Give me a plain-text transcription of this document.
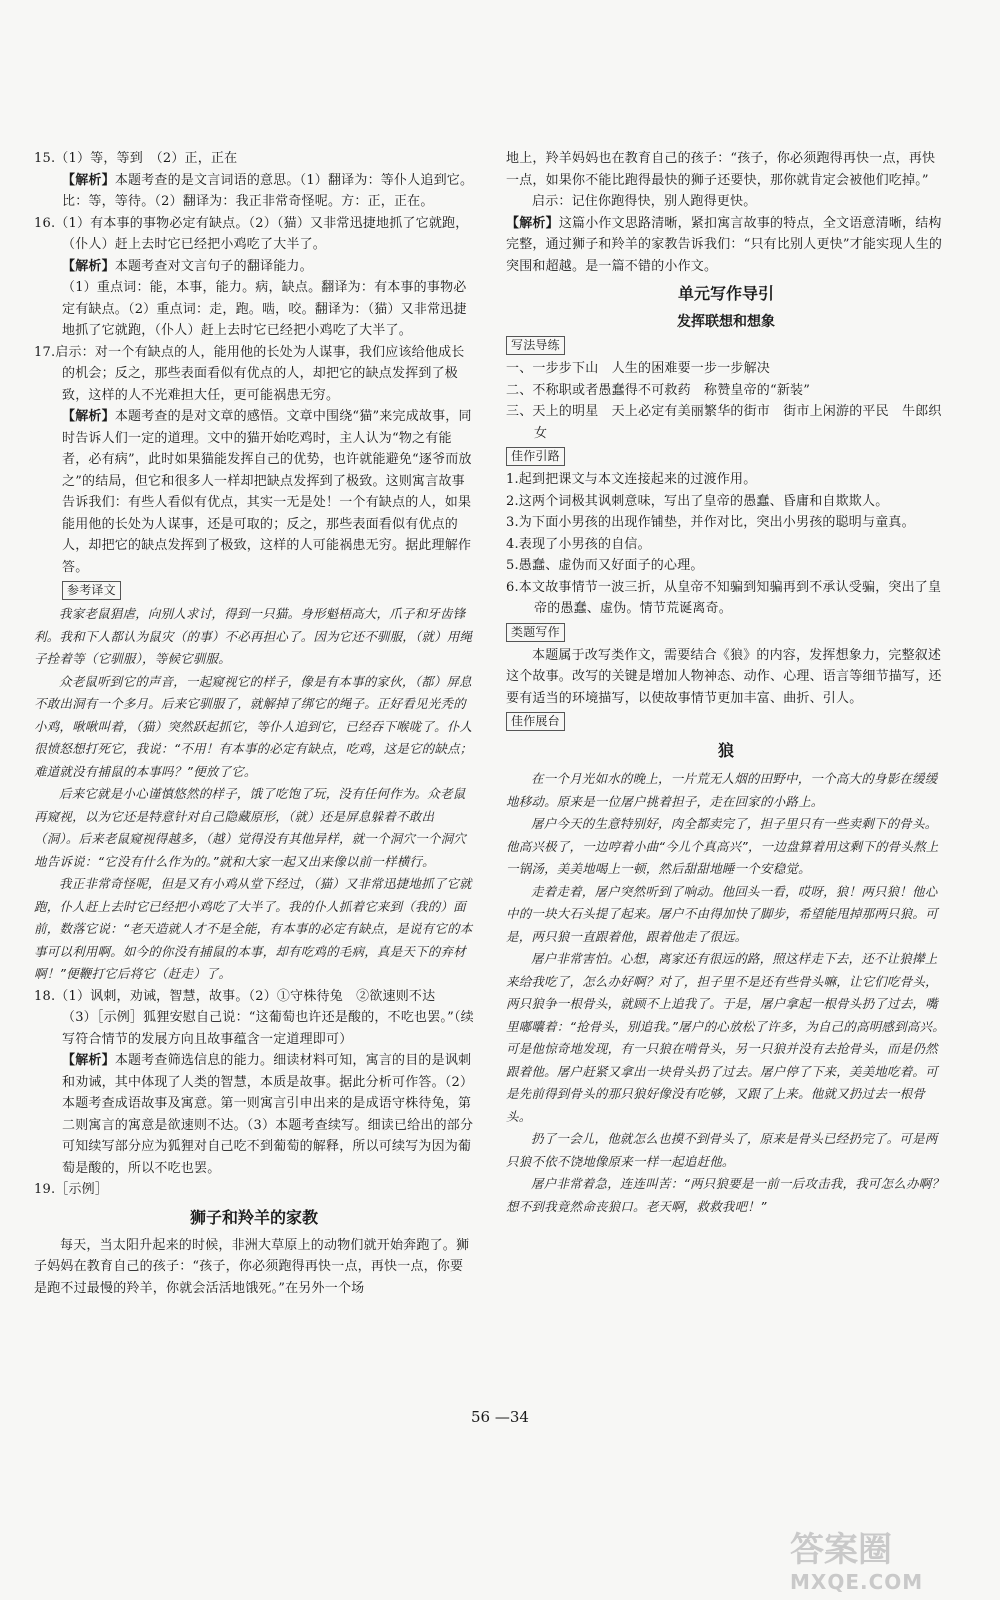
15.（1）等，等到　（2）正，正在

【解析】本题考查的是文言词语的意思。（1）翻译为：等仆人追到它。比：等，等待。（2）翻译为：我正非常奇怪呢。方：正，正在。

16.（1）有本事的事物必定有缺点。（2）（猫）又非常迅捷地抓了它就跑，（仆人）赶上去时它已经把小鸡吃了大半了。

【解析】本题考查对文言句子的翻译能力。

（1）重点词：能，本事，能力。病，缺点。翻译为：有本事的事物必定有缺点。（2）重点词：走，跑。啮，咬。翻译为：（猫）又非常迅捷地抓了它就跑，（仆人）赶上去时它已经把小鸡吃了大半了。

17.启示：对一个有缺点的人，能用他的长处为人谋事，我们应该给他成长的机会；反之，那些表面看似有优点的人，却把它的缺点发挥到了极致，这样的人不光难担大任，更可能祸患无穷。

【解析】本题考查的是对文章的感悟。文章中围绕“猫”来完成故事，同时告诉人们一定的道理。文中的猫开始吃鸡时，主人认为“物之有能者，必有病”，此时如果猫能发挥自己的优势，也许就能避免“逐爷而放之”的结局，但它和很多人一样却把缺点发挥到了极致。这则寓言故事告诉我们：有些人看似有优点，其实一无是处！一个有缺点的人，如果能用他的长处为人谋事，还是可取的；反之，那些表面看似有优点的人，却把它的缺点发挥到了极致，这样的人可能祸患无穷。据此理解作答。

参考译文

我家老鼠猖虐，向别人求讨，得到一只猫。身形魁梧高大，爪子和牙齿锋利。我和下人都认为鼠灾（的事）不必再担心了。因为它还不驯服，（就）用绳子拴着等（它驯服），等候它驯服。

众老鼠听到它的声音，一起窥视它的样子，像是有本事的家伙，（都）屏息不敢出洞有一个多月。后来它驯服了，就解掉了绑它的绳子。正好看见光秃的小鸡，啾啾叫着，（猫）突然跃起抓它，等仆人追到它，已经吞下喉咙了。仆人很愤怒想打死它，我说：“不用！有本事的必定有缺点，吃鸡，这是它的缺点；难道就没有捕鼠的本事吗？”便放了它。

后来它就是小心谨慎悠然的样子，饿了吃饱了玩，没有任何作为。众老鼠再窥视，以为它还是特意针对自己隐藏原形，（就）还是屏息躲着不敢出（洞）。后来老鼠窥视得越多，（越）觉得没有其他异样，就一个洞穴一个洞穴地告诉说：“它没有什么作为的。”就和大家一起又出来像以前一样横行。

我正非常奇怪呢，但是又有小鸡从堂下经过，（猫）又非常迅捷地抓了它就跑，仆人赶上去时它已经把小鸡吃了大半了。我的仆人抓着它来到（我的）面前，数落它说：“老天造就人才不是全能，有本事的必定有缺点，是说有它的本事可以利用啊。如今的你没有捕鼠的本事，却有吃鸡的毛病，真是天下的弃材啊！”便鞭打它后将它（赶走）了。

18.（1）讽刺，劝诫，智慧，故事。（2）①守株待兔　②欲速则不达

（3）［示例］狐狸安慰自己说：“这葡萄也许还是酸的，不吃也罢。”（续写符合情节的发展方向且故事蕴含一定道理即可）

【解析】本题考查筛选信息的能力。细读材料可知，寓言的目的是讽刺和劝诫，其中体现了人类的智慧，本质是故事。据此分析可作答。（2）本题考查成语故事及寓意。第一则寓言引申出来的是成语守株待兔，第二则寓言的寓意是欲速则不达。（3）本题考查续写。细读已给出的部分可知续写部分应为狐狸对自己吃不到葡萄的解释，所以可续写为因为葡萄是酸的，所以不吃也罢。

19.［示例］

狮子和羚羊的家教

每天，当太阳升起来的时候，非洲大草原上的动物们就开始奔跑了。狮子妈妈在教育自己的孩子：“孩子，你必须跑得再快一点，再快一点，你要是跑不过最慢的羚羊，你就会活活地饿死。”在另外一个场

地上，羚羊妈妈也在教育自己的孩子：“孩子，你必须跑得再快一点，再快一点，如果你不能比跑得最快的狮子还要快，那你就肯定会被他们吃掉。”

启示：记住你跑得快，别人跑得更快。

【解析】这篇小作文思路清晰，紧扣寓言故事的特点，全文语意清晰，结构完整，通过狮子和羚羊的家教告诉我们：“只有比别人更快”才能实现人生的突围和超越。是一篇不错的小作文。

单元写作导引
发挥联想和想象

写法导练

一、一步步下山　人生的困难要一步一步解决

二、不称职或者愚蠢得不可救药　称赞皇帝的“新装”

三、天上的明星　天上必定有美丽繁华的街市　街市上闲游的平民　牛郎织女

佳作引路

1.起到把课文与本文连接起来的过渡作用。

2.这两个词极其讽刺意味，写出了皇帝的愚蠢、昏庸和自欺欺人。

3.为下面小男孩的出现作铺垫，并作对比，突出小男孩的聪明与童真。

4.表现了小男孩的自信。

5.愚蠢、虚伪而又好面子的心理。

6.本文故事情节一波三折，从皇帝不知骗到知骗再到不承认受骗，突出了皇帝的愚蠢、虚伪。情节荒诞离奇。

类题写作

本题属于改写类作文，需要结合《狼》的内容，发挥想象力，完整叙述这个故事。改写的关键是增加人物神态、动作、心理、语言等细节描写，还要有适当的环境描写，以使故事情节更加丰富、曲折、引人。

佳作展台

狼

在一个月光如水的晚上，一片荒无人烟的田野中，一个高大的身影在缓缓地移动。原来是一位屠户挑着担子，走在回家的小路上。

屠户今天的生意特别好，肉全都卖完了，担子里只有一些卖剩下的骨头。他高兴极了，一边哼着小曲“今儿个真高兴”，一边盘算着用这剩下的骨头熬上一锅汤，美美地喝上一顿，然后甜甜地睡一个安稳觉。

走着走着，屠户突然听到了响动。他回头一看，哎呀，狼！两只狼！他心中的一块大石头提了起来。屠户不由得加快了脚步，希望能甩掉那两只狼。可是，两只狼一直跟着他，跟着他走了很远。

屠户非常害怕。心想，离家还有很远的路，照这样走下去，还不让狼撵上来给我吃了，怎么办好啊？对了，担子里不是还有些骨头嘛，让它们吃骨头，两只狼争一根骨头，就顾不上追我了。于是，屠户拿起一根骨头扔了过去，嘴里嘟囔着：“抢骨头，别追我。”屠户的心放松了许多，为自己的高明感到高兴。可是他惊奇地发现，有一只狼在啃骨头，另一只狼并没有去抢骨头，而是仍然跟着他。屠户赶紧又拿出一块骨头扔了过去。屠户停了下来，美美地吃着。可是先前得到骨头的那只狼好像没有吃够，又跟了上来。他就又扔过去一根骨头。

扔了一会儿，他就怎么也摸不到骨头了，原来是骨头已经扔完了。可是两只狼不依不饶地像原来一样一起追赶他。

屠户非常着急，连连叫苦：“两只狼要是一前一后攻击我，我可怎么办啊？想不到我竟然命丧狼口。老天啊，救救我吧！”

56 —34
答案圈
MXQE.COM
